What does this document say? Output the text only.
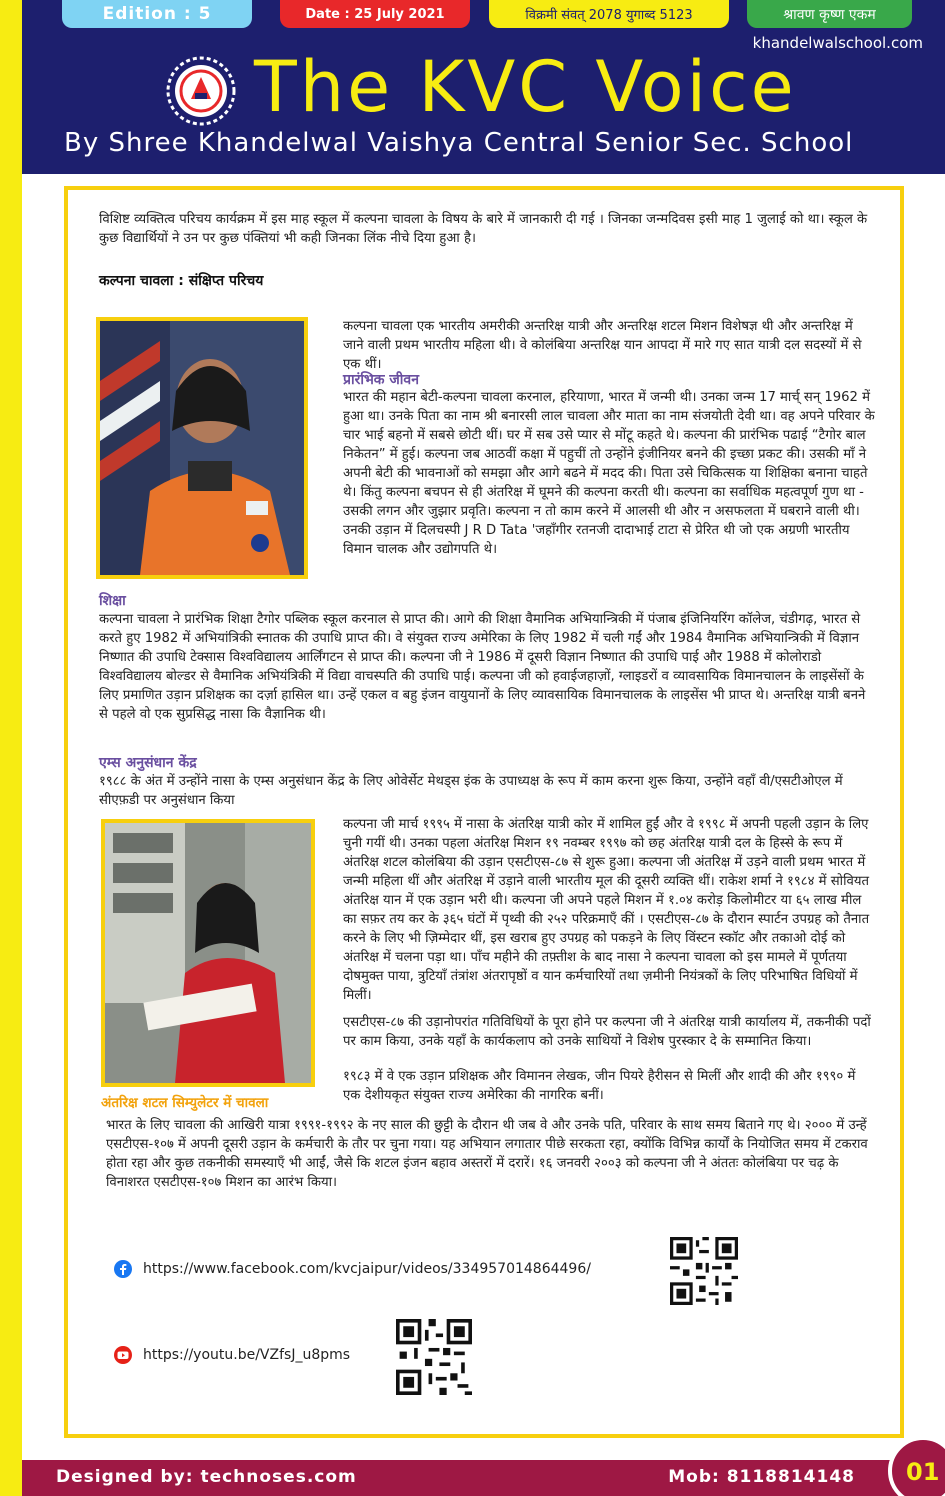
Edition : 5	Date : 25 July 2021	विक्रमी संवत् 2078 युगाब्द 5123	श्रावण कृष्ण एकम
khandelwalschool.com
The KVC Voice
By Shree Khandelwal Vaishya Central Senior Sec. School
विशिष्ट व्यक्तित्व परिचय कार्यक्रम में इस माह स्कूल में कल्पना चावला के विषय के बारे में जानकारी दी गई । जिनका जन्मदिवस इसी माह 1 जुलाई को था। स्कूल के कुछ विद्यार्थियों ने उन पर कुछ पंक्तियां भी कही जिनका लिंक नीचे दिया हुआ है।
कल्पना चावला : संक्षिप्त परिचय
कल्पना चावला एक भारतीय अमरीकी अन्तरिक्ष यात्री और अन्तरिक्ष शटल मिशन विशेषज्ञ थी और अन्तरिक्ष में जाने वाली प्रथम भारतीय महिला थी। वे कोलंबिया अन्तरिक्ष यान आपदा में मारे गए सात यात्री दल सदस्यों में से एक थीं।
प्रारंभिक जीवन
भारत की महान बेटी-कल्पना चावला करनाल, हरियाणा, भारत में जन्मी थी। उनका जन्म 17 मार्च् सन् 1962 में हुआ था। उनके पिता का नाम श्री बनारसी लाल चावला और माता का नाम संजयोती देवी था। वह अपने परिवार के चार भाई बहनो में सबसे छोटी थीं। घर में सब उसे प्यार से मोंटू कहते थे। कल्पना की प्रारंभिक पढाई “टैगोर बाल निकेतन” में हुई। कल्पना जब आठवीं कक्षा में पहुचीं तो उन्होंने इंजीनियर बनने की इच्छा प्रकट की। उसकी माँ ने अपनी बेटी की भावनाओं को समझा और आगे बढने में मदद की। पिता उसे चिकित्सक या शिक्षिका बनाना चाहते थे। किंतु कल्पना बचपन से ही अंतरिक्ष में घूमने की कल्पना करती थी। कल्पना का सर्वाधिक महत्वपूर्ण गुण था - उसकी लगन और जुझार प्रवृति। कल्पना न तो काम करने में आलसी थी और न असफलता में घबराने वाली थी। उनकी उड़ान में दिलचस्पी J R D Tata 'जहाँगीर रतनजी दादाभाई टाटा से प्रेरित थी जो एक अग्रणी भारतीय विमान चालक और उद्योगपति थे।
शिक्षा
कल्पना चावला ने प्रारंभिक शिक्षा टैगोर पब्लिक स्कूल करनाल से प्राप्त की। आगे की शिक्षा वैमानिक अभियान्त्रिकी में पंजाब इंजिनियरिंग कॉलेज, चंडीगढ़, भारत से करते हुए 1982 में अभियांत्रिकी स्नातक की उपाधि प्राप्त की। वे संयुक्त राज्य अमेरिका के लिए 1982 में चली गईं और 1984 वैमानिक अभियान्त्रिकी में विज्ञान निष्णात की उपाधि टेक्सास विश्वविद्यालय आर्लिंगटन से प्राप्त की। कल्पना जी ने 1986 में दूसरी विज्ञान निष्णात की उपाधि पाई और 1988 में कोलोराडो विश्वविद्यालय बोल्डर से वैमानिक अभियंत्रिकी में विद्या वाचस्पति की उपाधि पाई। कल्पना जी को हवाईजहाज़ों, ग्लाइडरों व व्यावसायिक विमानचालन के लाइसेंसों के लिए प्रमाणित उड़ान प्रशिक्षक का दर्ज़ा हासिल था। उन्हें एकल व बहु इंजन वायुयानों के लिए व्यावसायिक विमानचालक के लाइसेंस भी प्राप्त थे। अन्तरिक्ष यात्री बनने से पहले वो एक सुप्रसिद्ध नासा कि वैज्ञानिक थी।
एम्स अनुसंधान केंद्र
१९८८ के अंत में उन्होंने नासा के एम्स अनुसंधान केंद्र के लिए ओवेर्सेट मेथड्स इंक के उपाध्यक्ष के रूप में काम करना शुरू किया, उन्होंने वहाँ वी/एसटीओएल में सीएफ़डी पर अनुसंधान किया
अंतरिक्ष शटल सिम्युलेटर में चावला
कल्पना जी मार्च १९९५ में नासा के अंतरिक्ष यात्री कोर में शामिल हुईं और वे १९९८ में अपनी पहली उड़ान के लिए चुनी गयीं थी। उनका पहला अंतरिक्ष मिशन १९ नवम्बर १९९७ को छह अंतरिक्ष यात्री दल के हिस्से के रूप में अंतरिक्ष शटल कोलंबिया की उड़ान एसटीएस-८७ से शुरू हुआ। कल्पना जी अंतरिक्ष में उड़ने वाली प्रथम भारत में जन्मी महिला थीं और अंतरिक्ष में उड़ाने वाली भारतीय मूल की दूसरी व्यक्ति थीं। राकेश शर्मा ने १९८४ में सोवियत अंतरिक्ष यान में एक उड़ान भरी थी। कल्पना जी अपने पहले मिशन में १.०४ करोड़ किलोमीटर या ६५ लाख मील का सफ़र तय कर के ३६५ घंटों में पृथ्वी की २५२ परिक्रमाएँ कीं । एसटीएस-८७ के दौरान स्पार्टन उपग्रह को तैनात करने के लिए भी ज़िम्मेदार थीं, इस खराब हुए उपग्रह को पकड़ने के लिए विंस्टन स्कॉट और तकाओ दोई को अंतरिक्ष में चलना पड़ा था। पाँच महीने की तफ़्तीश के बाद नासा ने कल्पना चावला को इस मामले में पूर्णतया दोषमुक्त पाया, त्रुटियाँ तंत्रांश अंतरापृष्ठों व यान कर्मचारियों तथा ज़मीनी नियंत्रकों के लिए परिभाषित विधियों में मिलीं।
एसटीएस-८७ की उड़ानोपरांत गतिविधियों के पूरा होने पर कल्पना जी ने अंतरिक्ष यात्री कार्यालय में, तकनीकी पदों पर काम किया, उनके यहाँ के कार्यकलाप को उनके साथियों ने विशेष पुरस्कार दे के सम्मानित किया।
१९८३ में वे एक उड़ान प्रशिक्षक और विमानन लेखक, जीन पियरे हैरीसन से मिलीं और शादी की और १९९० में एक देशीयकृत संयुक्त राज्य अमेरिका की नागरिक बनीं।
भारत के लिए चावला की आखिरी यात्रा १९९१-१९९२ के नए साल की छुट्टी के दौरान थी जब वे और उनके पति, परिवार के साथ समय बिताने गए थे। २००० में उन्हें एसटीएस-१०७ में अपनी दूसरी उड़ान के कर्मचारी के तौर पर चुना गया। यह अभियान लगातार पीछे सरकता रहा, क्योंकि विभिन्न कार्यों के नियोजित समय में टकराव होता रहा और कुछ तकनीकी समस्याएँ भी आईं, जैसे कि शटल इंजन बहाव अस्तरों में दरारें। १६ जनवरी २००३ को कल्पना जी ने अंततः कोलंबिया पर चढ़ के विनाशरत एसटीएस-१०७ मिशन का आरंभ किया।
https://www.facebook.com/kvcjaipur/videos/334957014864496/
https://youtu.be/VZfsJ_u8pms
Designed by: technoses.com	Mob: 8118814148	01
